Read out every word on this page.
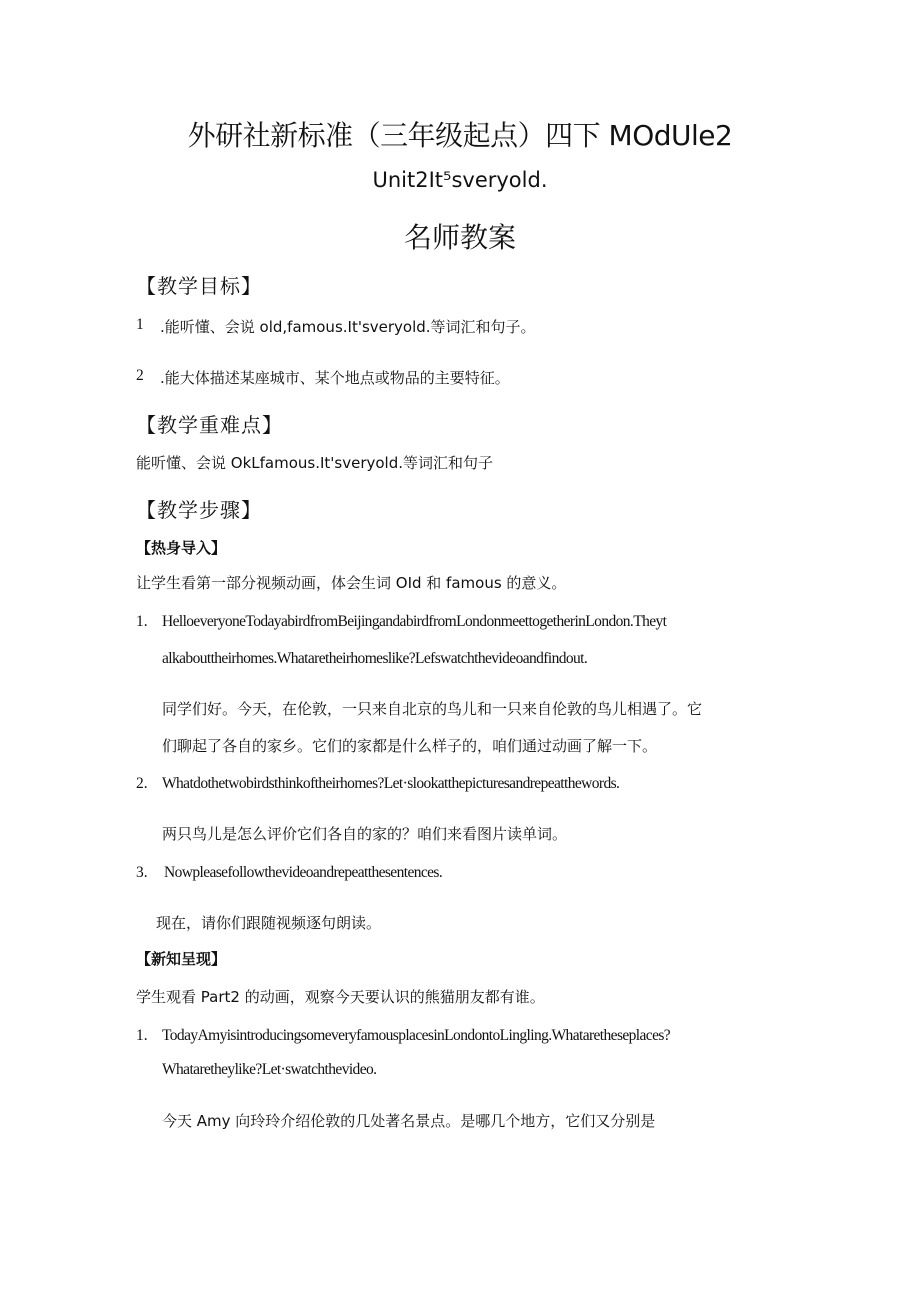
外研社新标准（三年级起点）四下 MOdUle2
Unit2It⁵sveryold.
名师教案
【教学目标】
1 .能听懂、会说 old,famous.It'sveryold.等词汇和句子。
2 .能大体描述某座城市、某个地点或物品的主要特征。
【教学重难点】
能听懂、会说 OkLfamous.It'sveryold.等词汇和句子
【教学步骤】
【热身导入】
让学生看第一部分视频动画，体会生词 OId 和 famous 的意义。
1. HelloeveryoneTodayabirdfromBeijingandabirdfromLondonmeettogetherinLondon.Theyt
alkabouttheirhomes.Whataretheirhomeslike?Lefswatchthevideoandfindout.
同学们好。今天，在伦敦，一只来自北京的鸟儿和一只来自伦敦的鸟儿相遇了。它
们聊起了各自的家乡。它们的家都是什么样子的，咱们通过动画了解一下。
2. Whatdothetwobirdsthinkoftheirhomes?Let·slookatthepicturesandrepeatthewords.
两只鸟儿是怎么评价它们各自的家的？咱们来看图片读单词。
3. Nowpleasefollowthevideoandrepeatthesentences.
现在，请你们跟随视频逐句朗读。
【新知呈现】
学生观看 Part2 的动画，观察今天要认识的熊猫朋友都有谁。
1. TodayAmyisintroducingsomeveryfamousplacesinLondontoLingling.Whataretheseplaces?
Whataretheylike?Let·swatchthevideo.
今天 Amy 向玲玲介绍伦敦的几处著名景点。是哪几个地方，它们又分别是
